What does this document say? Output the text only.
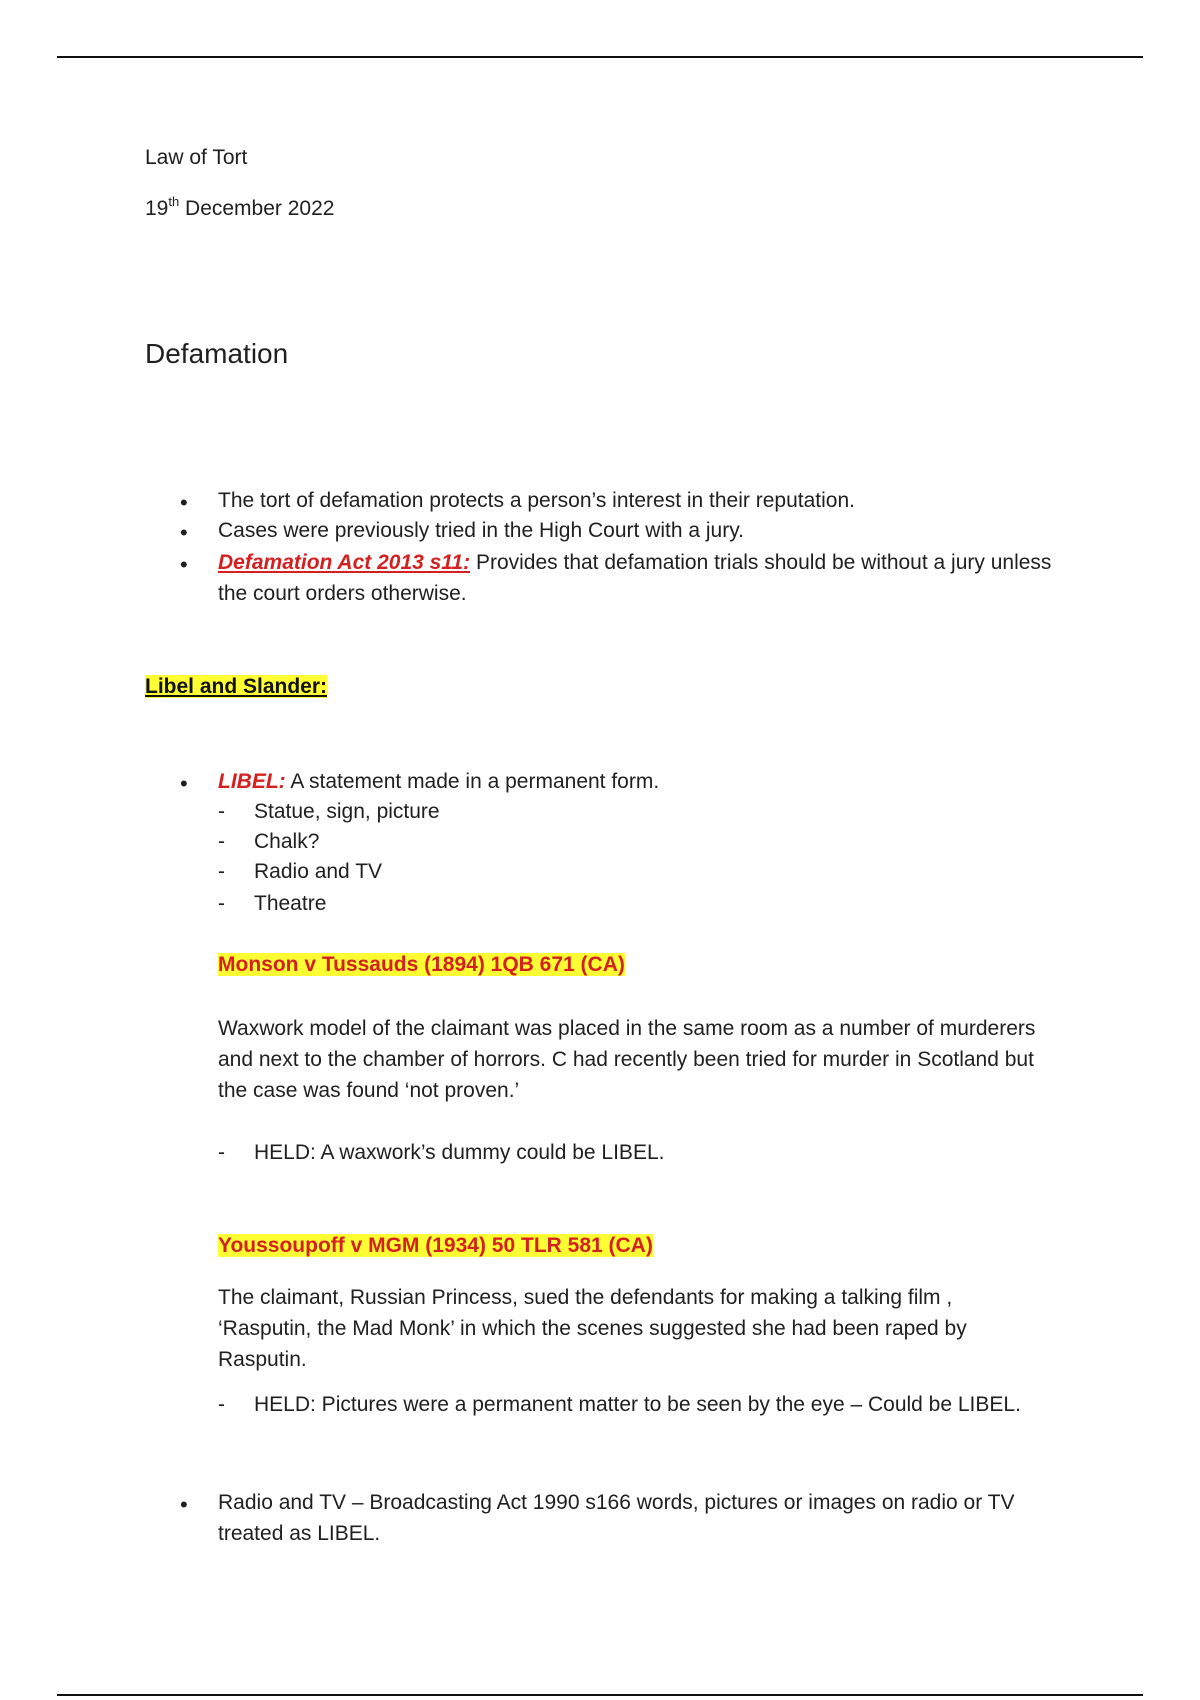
Law of Tort
19th December 2022
Defamation
• The tort of defamation protects a person’s interest in their reputation.
• Cases were previously tried in the High Court with a jury.
• Defamation Act 2013 s11: Provides that defamation trials should be without a jury unless the court orders otherwise.
Libel and Slander:
• LIBEL: A statement made in a permanent form.
- Statue, sign, picture
- Chalk?
- Radio and TV
- Theatre
Monson v Tussauds (1894) 1QB 671 (CA)
Waxwork model of the claimant was placed in the same room as a number of murderers and next to the chamber of horrors. C had recently been tried for murder in Scotland but the case was found ‘not proven.’
- HELD: A waxwork’s dummy could be LIBEL.
Youssoupoff v MGM (1934) 50 TLR 581 (CA)
The claimant, Russian Princess, sued the defendants for making a talking film , ‘Rasputin, the Mad Monk’ in which the scenes suggested she had been raped by Rasputin.
- HELD: Pictures were a permanent matter to be seen by the eye – Could be LIBEL.
• Radio and TV – Broadcasting Act 1990 s166 words, pictures or images on radio or TV treated as LIBEL.
